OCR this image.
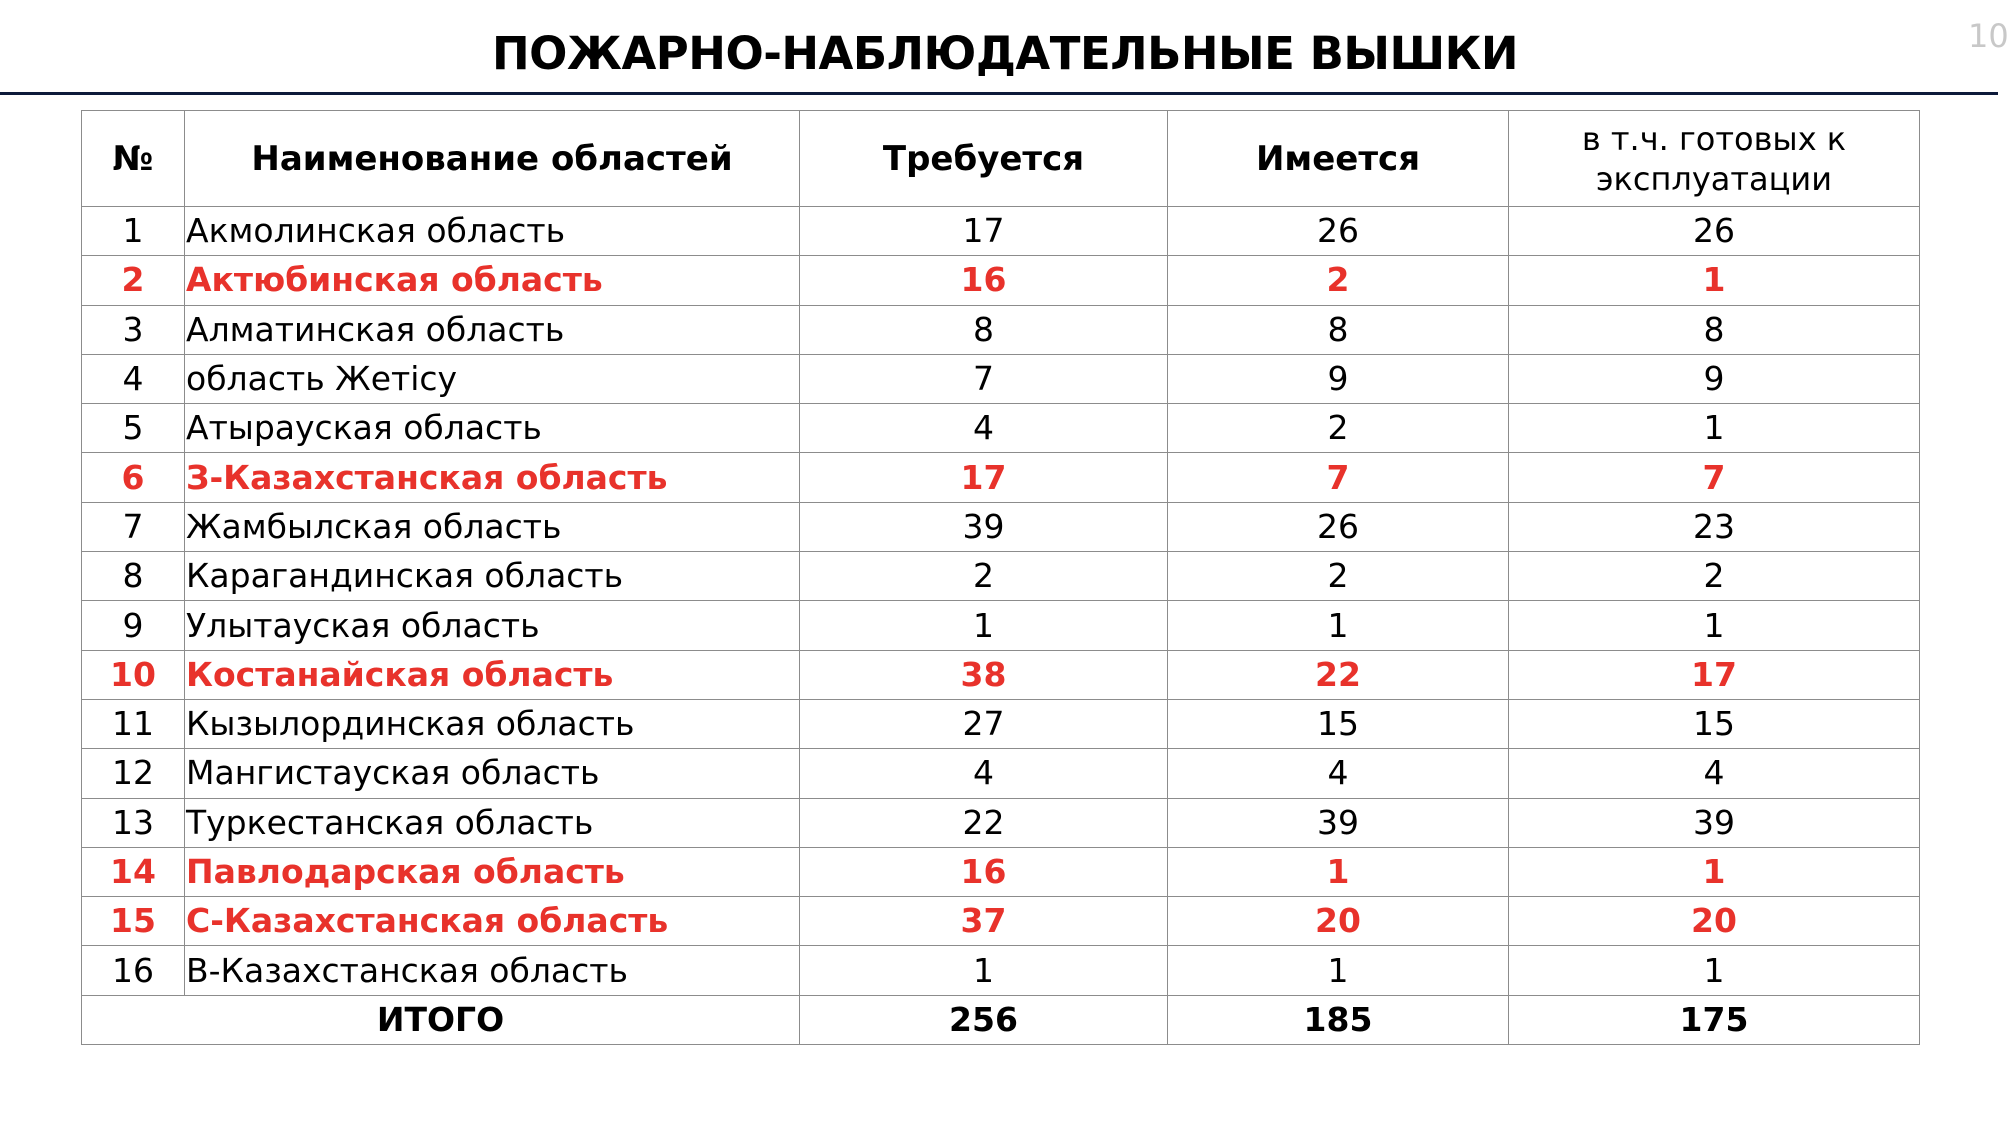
ПОЖАРНО-НАБЛЮДАТЕЛЬНЫЕ ВЫШКИ	10
№	Наименование областей	Требуется	Имеется	в т.ч. готовых к эксплуатации
1	Акмолинская область	17	26	26
2	Актюбинская область	16	2	1
3	Алматинская область	8	8	8
4	область Жетісу	7	9	9
5	Атырауская область	4	2	1
6	З-Казахстанская область	17	7	7
7	Жамбылская область	39	26	23
8	Карагандинская область	2	2	2
9	Улытауская область	1	1	1
10	Костанайская область	38	22	17
11	Кызылординская область	27	15	15
12	Мангистауская область	4	4	4
13	Туркестанская область	22	39	39
14	Павлодарская область	16	1	1
15	С-Казахстанская область	37	20	20
16	В-Казахстанская область	1	1	1
ИТОГО		256	185	175
